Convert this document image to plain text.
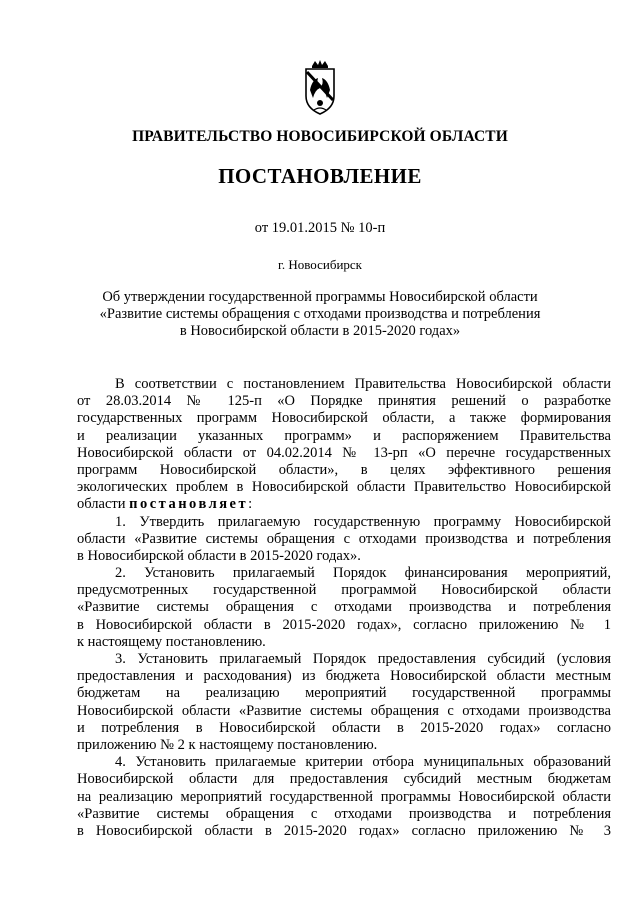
ПРАВИТЕЛЬСТВО НОВОСИБИРСКОЙ ОБЛАСТИ
ПОСТАНОВЛЕНИЕ
от 19.01.2015 № 10-п
г. Новосибирск
Об утверждении государственной программы Новосибирской области
«Развитие системы обращения с отходами производства и потребления
в Новосибирской области в 2015-2020 годах»
В соответствии с постановлением Правительства Новосибирской области
от 28.03.2014 № 125-п «О Порядке принятия решений о разработке
государственных программ Новосибирской области, а также формирования
и реализации указанных программ» и распоряжением Правительства
Новосибирской области от 04.02.2014 № 13-рп «О перечне государственных
программ Новосибирской области», в целях эффективного решения
экологических проблем в Новосибирской области Правительство Новосибирской
области постановляет:
1. Утвердить прилагаемую государственную программу Новосибирской
области «Развитие системы обращения с отходами производства и потребления
в Новосибирской области в 2015-2020 годах».
2. Установить прилагаемый Порядок финансирования мероприятий,
предусмотренных государственной программой Новосибирской области
«Развитие системы обращения с отходами производства и потребления
в Новосибирской области в 2015-2020 годах», согласно приложению № 1
к настоящему постановлению.
3. Установить прилагаемый Порядок предоставления субсидий (условия
предоставления и расходования) из бюджета Новосибирской области местным
бюджетам на реализацию мероприятий государственной программы
Новосибирской области «Развитие системы обращения с отходами производства
и потребления в Новосибирской области в 2015-2020 годах» согласно
приложению № 2 к настоящему постановлению.
4. Установить прилагаемые критерии отбора муниципальных образований
Новосибирской области для предоставления субсидий местным бюджетам
на реализацию мероприятий государственной программы Новосибирской области
«Развитие системы обращения с отходами производства и потребления
в Новосибирской области в 2015-2020 годах» согласно приложению № 3
